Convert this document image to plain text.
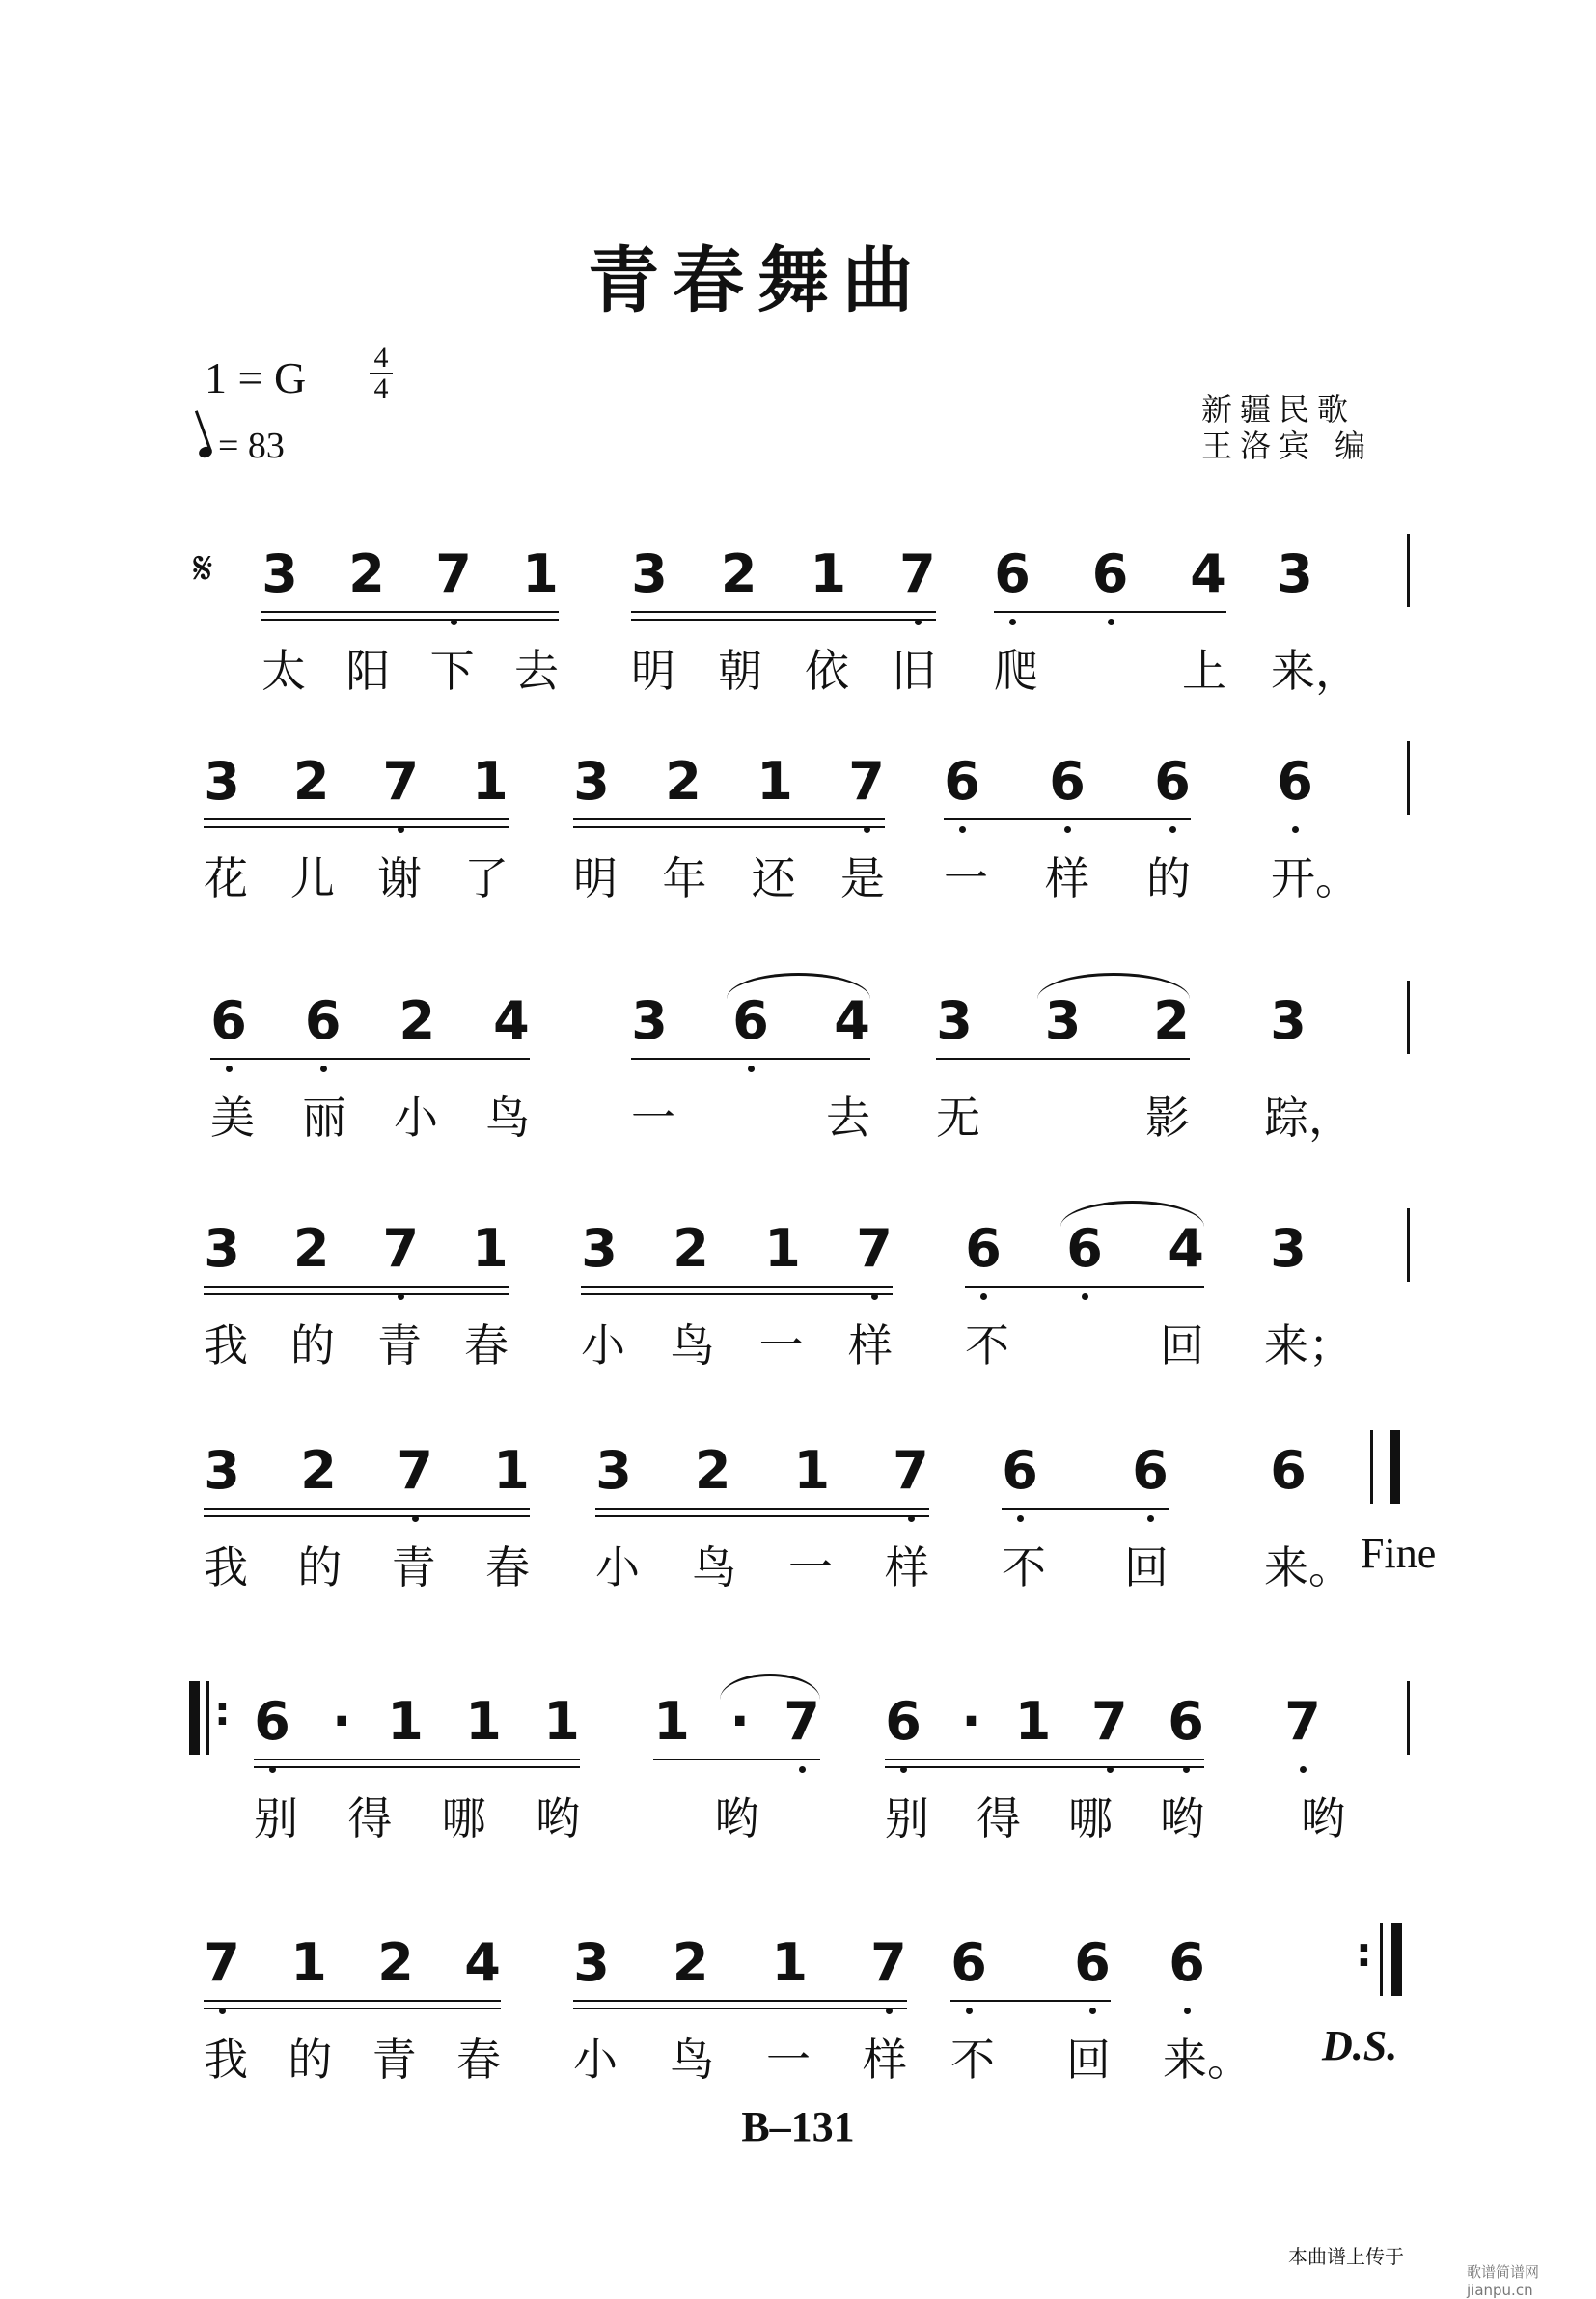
青春舞曲
1 = G 4
4
= 83
新疆民歌
王洛宾 编
3 2 7 1
太 阳 下 去
3 2 1 7
明 朝 依 旧
6 6 4
爬	上
3
来，
𝄋
3 2 7 1
花 儿 谢 了
3 2 1 7
明 年 还 是
6 6 6
一 样 的
6
开。
6 6 2 4
美 丽 小 鸟
3 6 4
一	去
3 3 2
无	影
3
踪，
3 2 7 1
我 的 青 春
3 2 1 7
小 鸟 一 样
6 6 4
不	回
3
来；
3 2 7 1
我 的 青 春
3 2 1 7
小 鸟 一 样
6 6
不 回
6
来。 Fine
6 · 1 1 1
别 得 哪 哟
1 · 7
哟
6 · 1 7 6
别 得 哪 哟
7
哟
:
7 1 2 4
我 的 青 春
3 2 1 7
小 鸟 一 样
6 6
不 回
6
来。
:
D.S.
B–131
本曲谱上传于
歌谱简谱网 jianpu.cn
